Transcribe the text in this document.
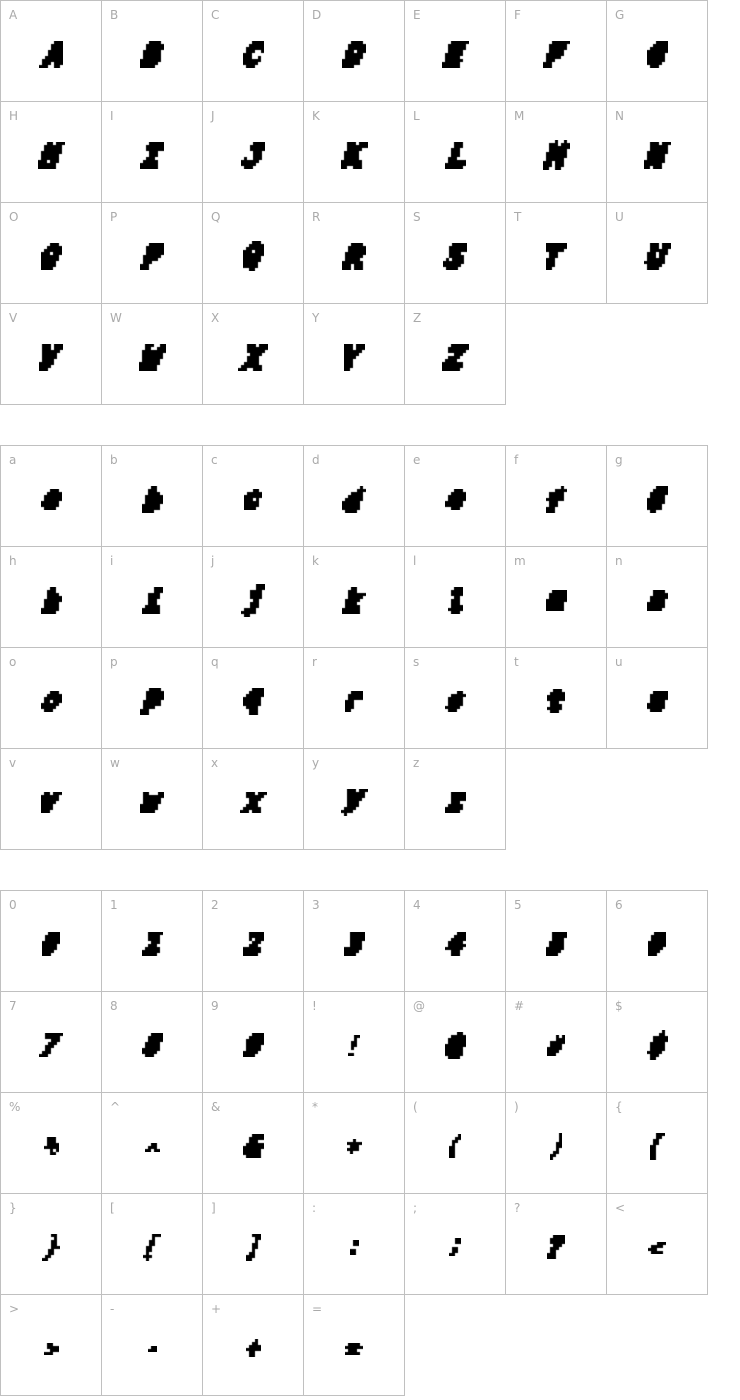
A	B	C	D	E	F	G

H	I	J	K	L	M	N

O	P	Q	R	S	T	U

V	W	X	Y	Z		
a	b	c	d	e	f	g

h	i	j	k	l	m	n

o	p	q	r	s	t	u

v	w	x	y	z		
0	1	2	3	4	5	6

7	8	9	!	@	#	$

%	^	&	*	(	)	{

}	[	]	:	;	?	<

>	-	+	=			
